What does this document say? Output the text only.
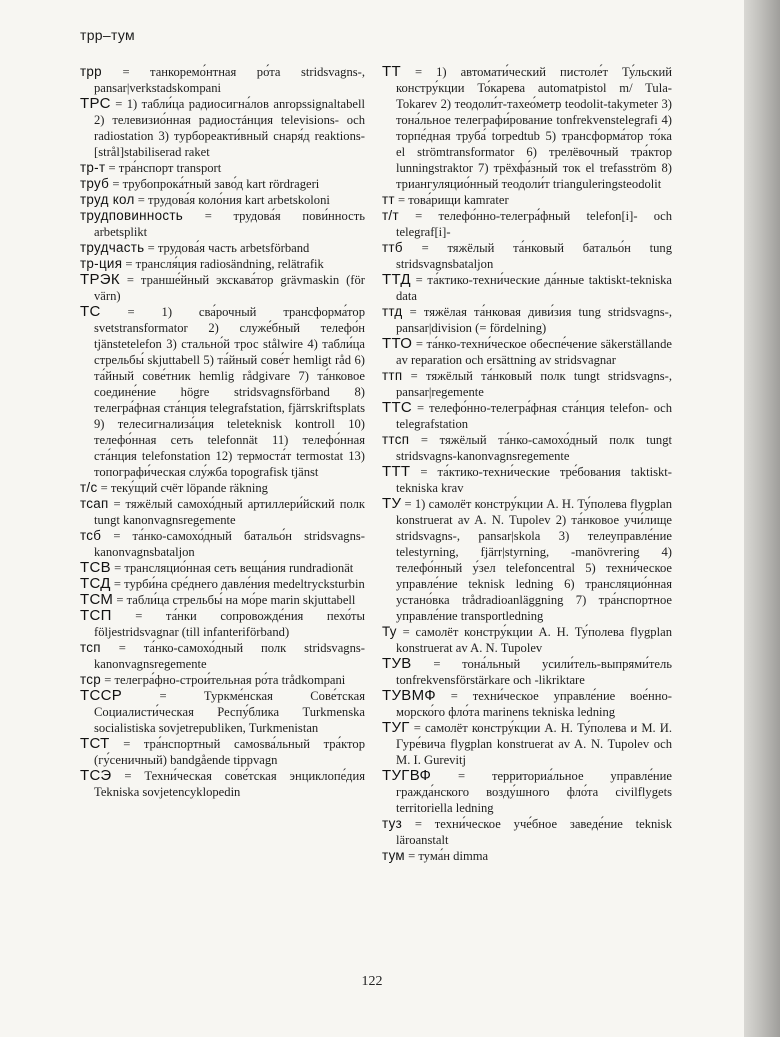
трр–тум
трр = танкоремо́нтная ро́та stridsvagns-, pansar|verkstadskompani
ТРС = 1) табли́ца радиосигна́лов anropssignaltabell 2) телевизио́нная радиостáнция televisions- och radiostation 3) турбореакти́вный снаря́д reaktions- [strål]stabiliserad raket
тр-т = тра́нспорт transport
труб = трубопрока́тный заво́д kart rördrageri
труд кол = трудова́я коло́ния kart arbetskoloni
трудповинность = трудова́я пови́нность arbetsplikt
трудчасть = трудова́я часть arbetsförband
тр-ция = трансля́ция radiosändning, relätrafik
ТРЭК = транше́йный экскава́тор grävmaskin (för värn)
ТС = 1) сва́рочный трансформа́тор svetstransformator 2) служе́бный телефо́н tjänstetelefon 3) стально́й трос stålwire 4) табли́ца стрельбы́ skjuttabell 5) та́йный сове́т hemligt råd 6) та́йный сове́тник hemlig rådgivare 7) та́нковое соедине́ние högre stridsvagnsförband 8) телегра́фная ста́нция telegrafstation, fjärrskriftsplats 9) телесигнализа́ция teleteknisk kontroll 10) телефо́нная сеть telefonnät 11) телефо́нная ста́нция telefonstation 12) термоста́т termostat 13) топографи́ческая слу́жба topografisk tjänst
т/с = теку́щий счёт löpande räkning
тсап = тяжёлый самохо́дный артиллери́йский полк tungt kanonvagnsregemente
тсб = та́нко-самохо́дный батальо́н stridsvagns-kanonvagnsbataljon
ТСВ = трансляцио́нная сеть веща́ния rundradionät
ТСД = турби́на сре́днего давле́ния medeltrycksturbin
ТСМ = табли́ца стрельбы́ на мо́ре marin skjuttabell
ТСП = та́нки сопровожде́ния пехо́ты följestridsvagnar (till infanteriförband)
тсп = та́нко-самохо́дный полк stridsvagns-kanonvagnsregemente
тср = телегра́фно-строи́тельная ро́та trådkompani
ТССР	= Туркме́нская Сове́тская Социалисти́ческая Респу́блика Turkmenska socialistiska sovjetrepubliken, Turkmenistan
ТСТ = тра́нспортный самоsва́льный тра́ктор (гу́сеничный) bandgående tippvagn
ТСЭ = Техни́ческая сове́тская энциклопе́дия Tekniska sovjetencyklopedin
ТТ = 1) автомати́ческий пистоле́т Ту́льский констру́кции То́карева automatpistol m/ Tula-Tokarev 2) теодоли́т-тахео́метр teodolit-takymeter 3) тона́льное телеграфи́рование tonfrekvenstelegrafi 4) торпе́дная труба́ torpedtub 5) трансформа́тор то́ка el strömtransformator 6) трелёвочный тра́ктор lunningstraktor 7) трёхфа́зный ток el trefasström 8) триангуляцио́нный теодоли́т trianguleringsteodolit
тт = това́рищи kamrater
т/т = телефо́нно-телегра́фный telefon[i]- och telegraf[i]-
ттб = тяжёлый та́нковый батальо́н tung stridsvagnsbataljon
ТТД = та́ктико-техни́ческие да́нные taktiskt-tekniska data
ттд = тяжёлая та́нковая диви́зия tung stridsvagns-, pansar|division (= fördelning)
ТТО = та́нко-техни́ческое обеспе́чение säkerställande av reparation och ersättning av stridsvagnar
ттп = тяжёлый та́нковый полк tungt stridsvagns-, pansar|regemente
ТТС = телефо́нно-телегра́фная ста́нция telefon- och telegrafstation
ттсп = тяжёлый та́нко-самохо́дный полк tungt stridsvagns-kanonvagnsregemente
ТТТ = та́ктико-техни́ческие тре́бования taktiskt-tekniska krav
ТУ = 1) самолёт констру́кции А. Н. Ту́полева flygplan konstruerat av A. N. Tupolev 2) та́нковое учи́лище stridsvagns-, pansar|skola 3) телеуправле́ние telestyrning, fjärr|styrning, -manövrering 4) телефо́нный у́зел telefoncentral 5) техни́ческое управле́ние teknisk ledning 6) трансляцио́нная устано́вка trådradioanläggning 7) тра́нспортное управле́ние transportledning
Ту = самолёт констру́кции А. Н. Ту́полева flygplan konstruerat av A. N. Tupolev
ТУВ = тона́льный усили́тель-выпрями́тель tonfrekvensförstärkare och -likriktare
ТУВМФ = техни́ческое управле́ние вое́нно-морско́го фло́та marinens tekniska ledning
ТУГ = самолёт констру́кции А. Н. Ту́полева и М. И. Гуре́вича flygplan konstruerat av A. N. Tupolev och M. I. Gurevitj
ТУГВФ = территориа́льное управле́ние гражда́нского возду́шного фло́та civilflygets territoriella ledning
туз = техни́ческое уче́бное заведе́ние teknisk läroanstalt
тум = тума́н dimma
122
